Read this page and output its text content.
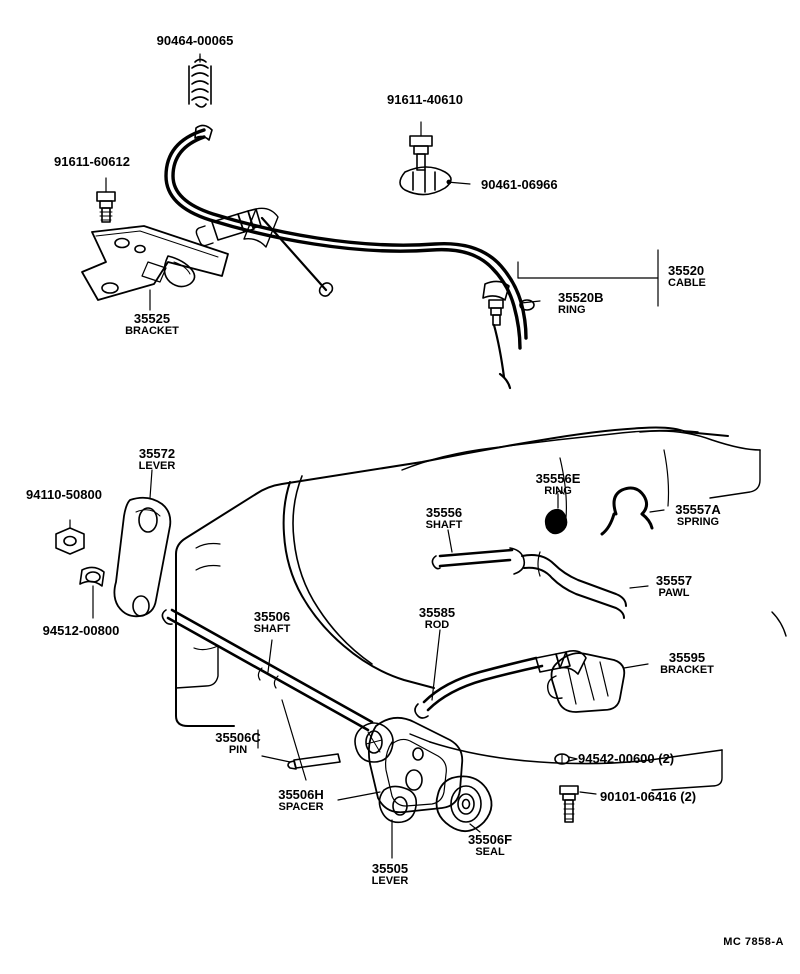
90464-00065
91611-40610
90461-06966
91611-60612
35520
CABLE
35520B
RING
35525
BRACKET
35572
LEVER
94110-50800
94512-00800
35506
SHAFT
35506C
PIN
35506H
SPACER
35505
LEVER
35506F
SEAL
35585
ROD
35556
SHAFT
35556E
RING
35557A
SPRING
35557
PAWL
35595
BRACKET
94542-00600 (2)
90101-06416 (2)
MC 7858-A
